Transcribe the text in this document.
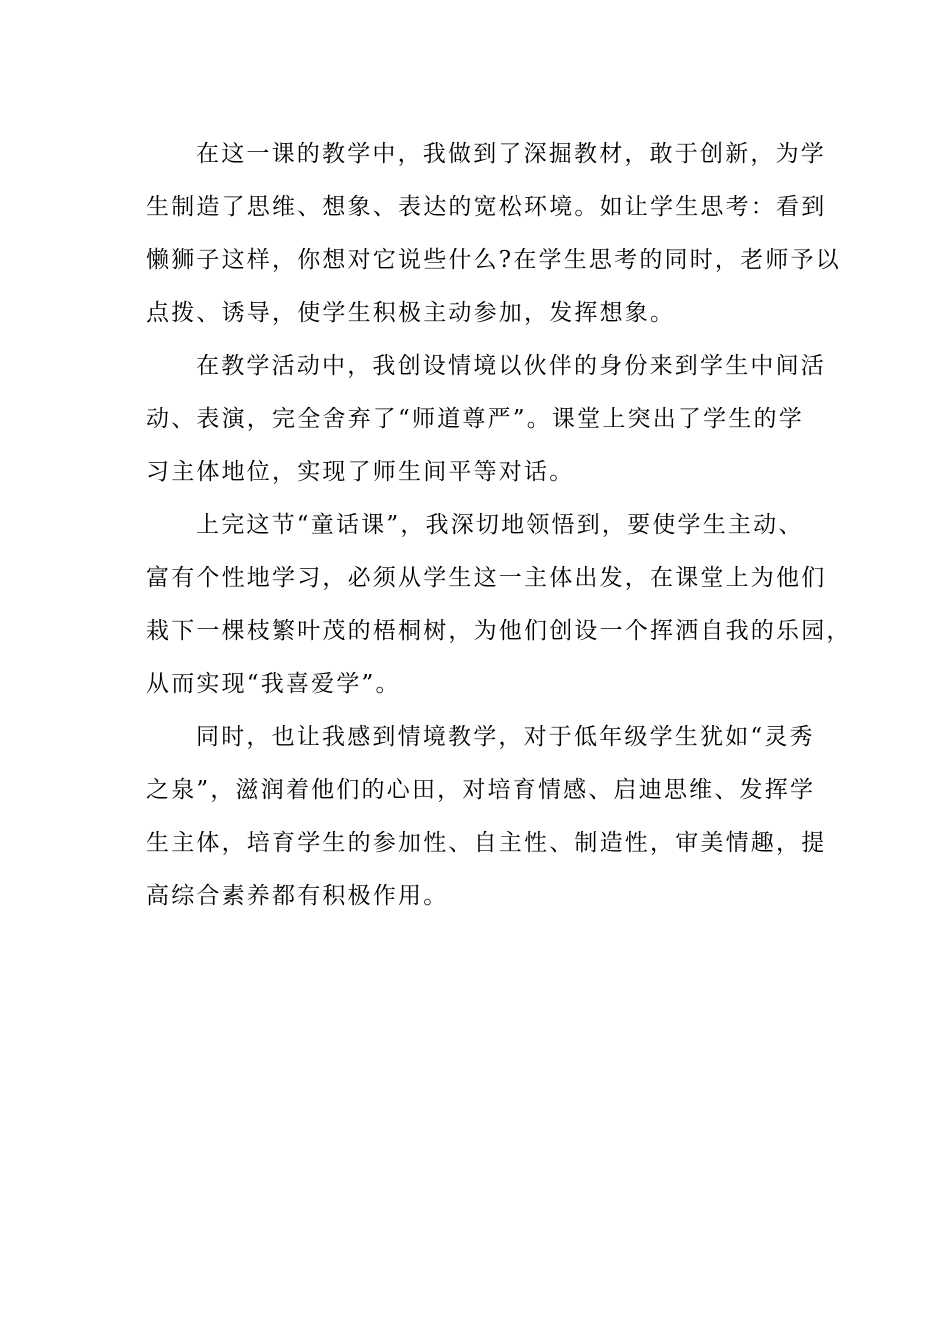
在这一课的教学中，我做到了深掘教材，敢于创新，为学
生制造了思维、想象、表达的宽松环境。如让学生思考：看到
懒狮子这样，你想对它说些什么?在学生思考的同时，老师予以
点拨、诱导，使学生积极主动参加，发挥想象。
在教学活动中，我创设情境以伙伴的身份来到学生中间活
动、表演，完全舍弃了“师道尊严”。课堂上突出了学生的学
习主体地位，实现了师生间平等对话。
上完这节“童话课”，我深切地领悟到，要使学生主动、
富有个性地学习，必须从学生这一主体出发，在课堂上为他们
栽下一棵枝繁叶茂的梧桐树，为他们创设一个挥洒自我的乐园，
从而实现“我喜爱学”。
同时，也让我感到情境教学，对于低年级学生犹如“灵秀
之泉”，滋润着他们的心田，对培育情感、启迪思维、发挥学
生主体，培育学生的参加性、自主性、制造性，审美情趣，提
高综合素养都有积极作用。
